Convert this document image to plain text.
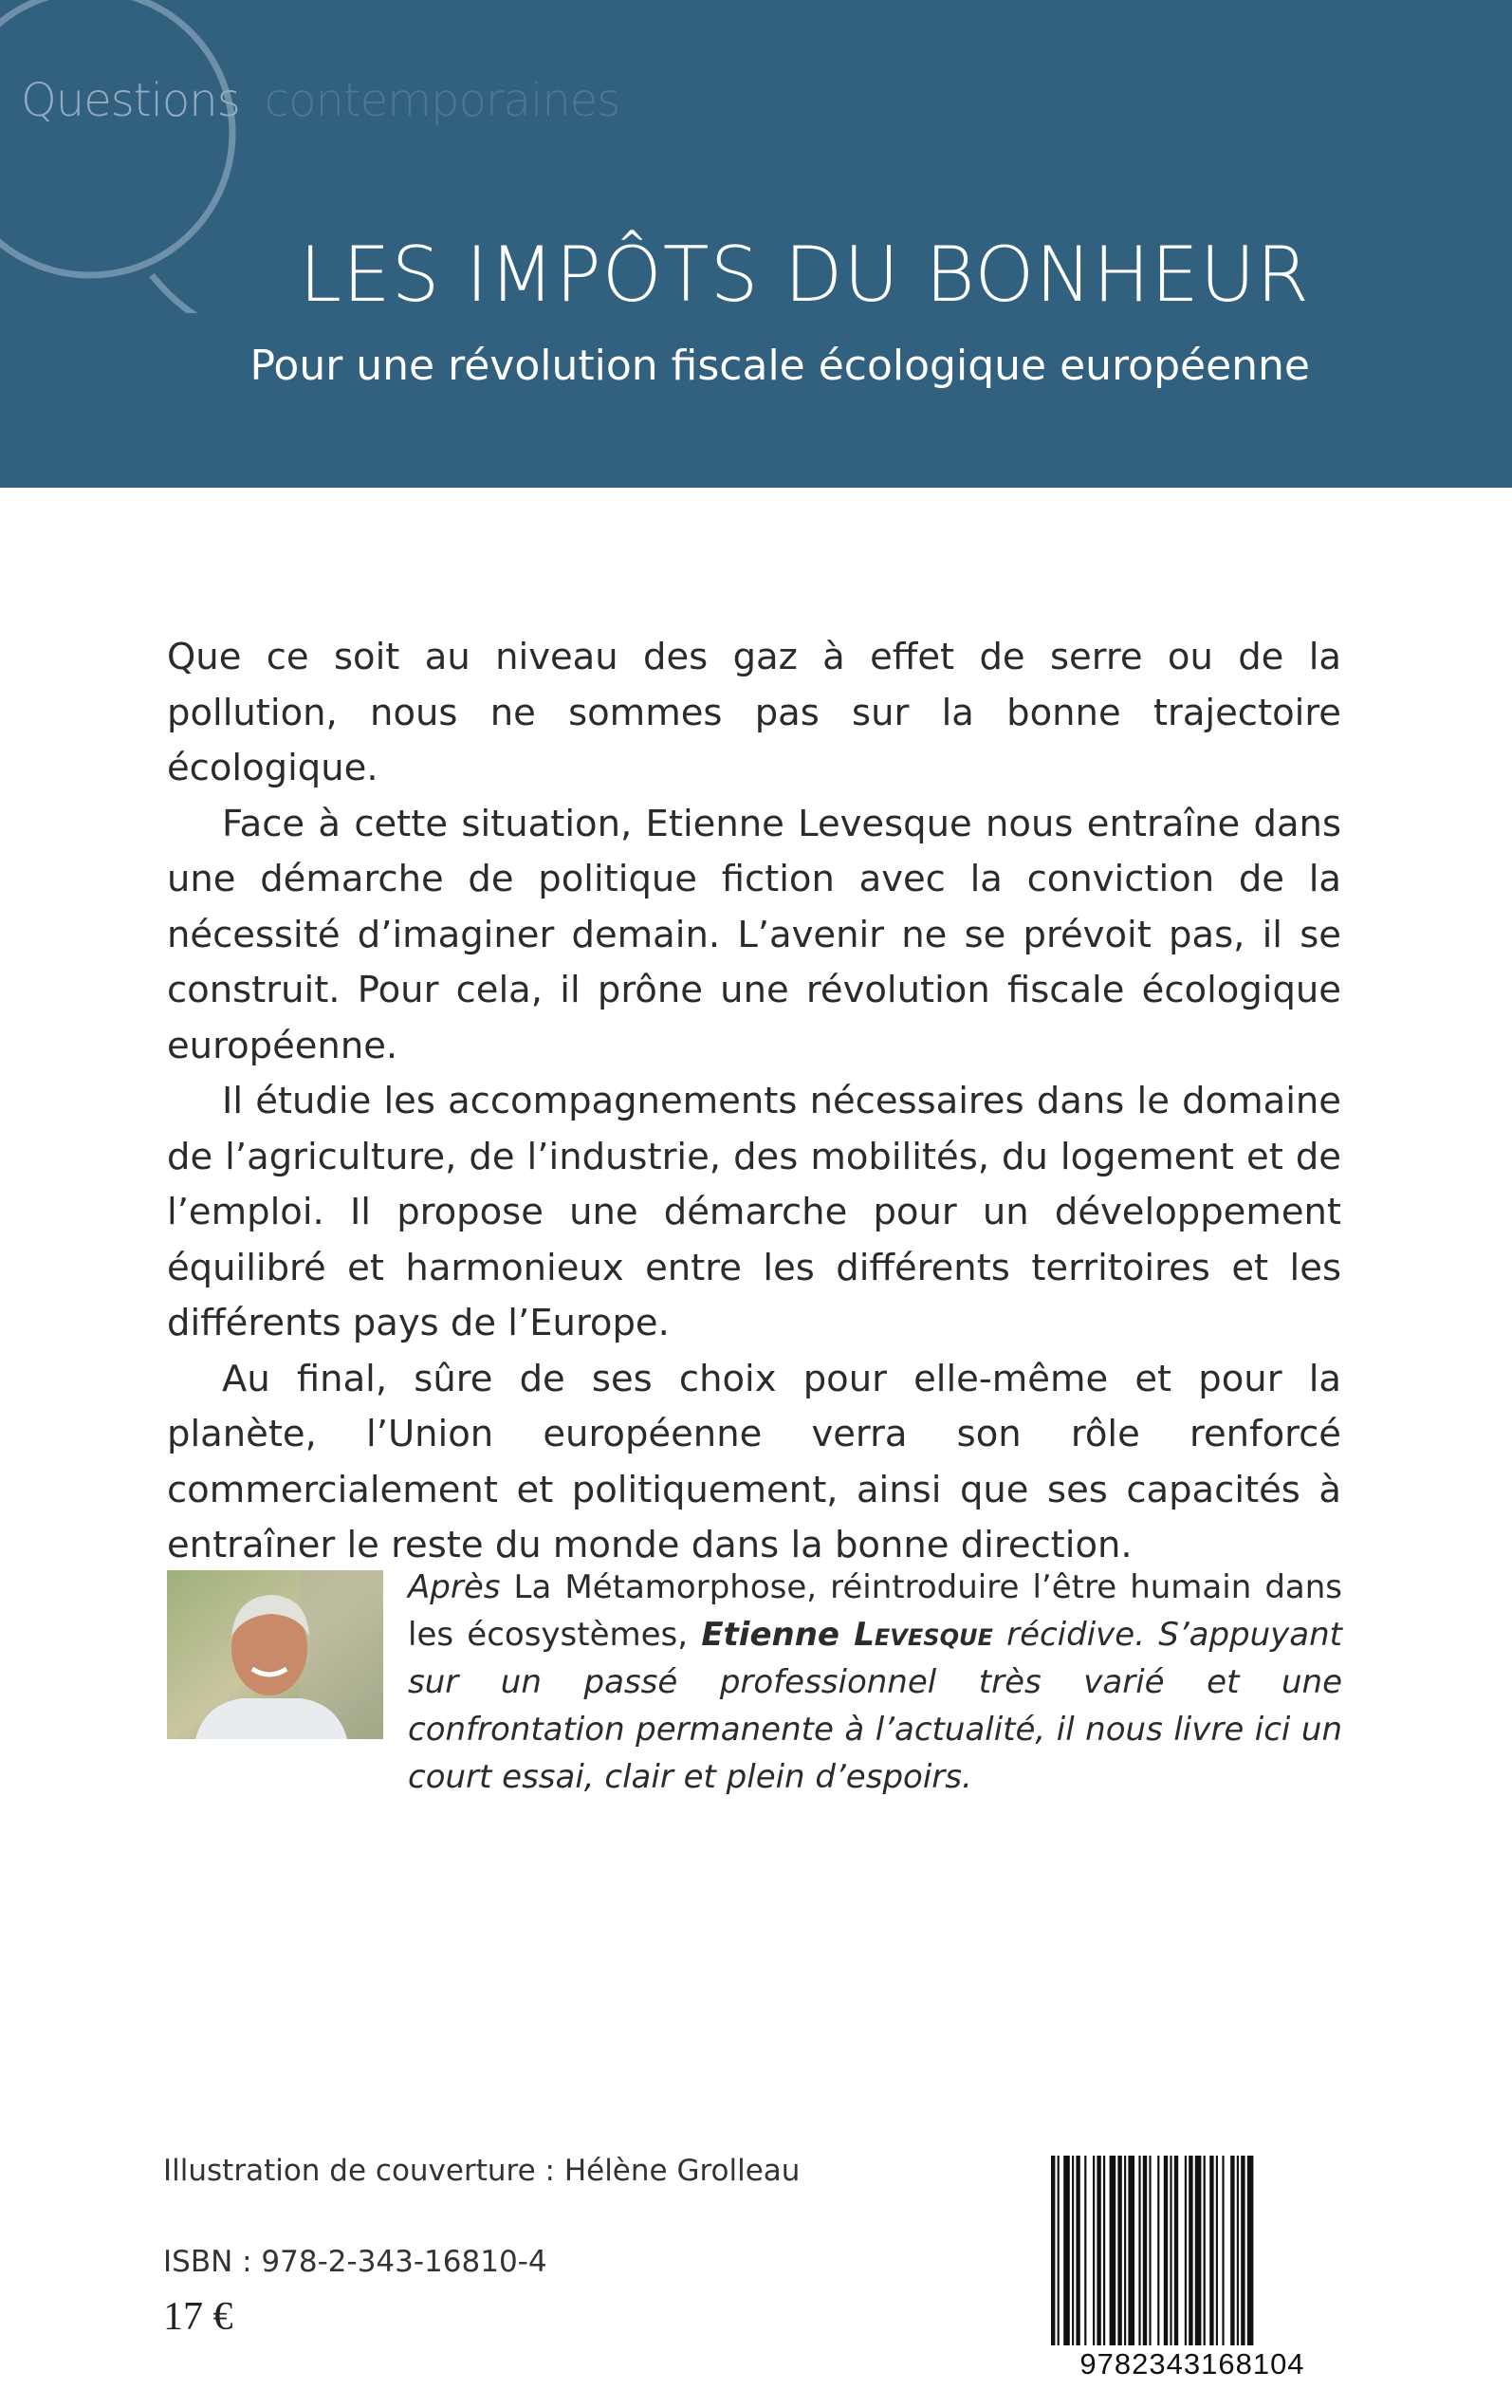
Questions contemporaines
LES IMPÔTS DU BONHEUR
Pour une révolution fiscale écologique européenne

Que ce soit au niveau des gaz à effet de serre ou de la pollution, nous ne sommes pas sur la bonne trajectoire écologique.

Face à cette situation, Etienne Levesque nous entraîne dans une démarche de politique fiction avec la conviction de la nécessité d’imaginer demain. L’avenir ne se prévoit pas, il se construit. Pour cela, il prône une révolution fiscale écologique européenne.

Il étudie les accompagnements nécessaires dans le domaine de l’agriculture, de l’industrie, des mobilités, du logement et de l’emploi. Il propose une démarche pour un développement équilibré et harmonieux entre les différents territoires et les différents pays de l’Europe.

Au final, sûre de ses choix pour elle-même et pour la planète, l’Union européenne verra son rôle renforcé commercialement et politiquement, ainsi que ses capacités à entraîner le reste du monde dans la bonne direction.

Après La Métamorphose, réintroduire l’être humain dans les écosystèmes, Etienne Levesque récidive. S’appuyant sur un passé professionnel très varié et une confrontation permanente à l’actualité, il nous livre ici un court essai, clair et plein d’espoirs.
Illustration de couverture : Hélène Grolleau
ISBN : 978-2-343-16810-4
17 €
9782343168104
